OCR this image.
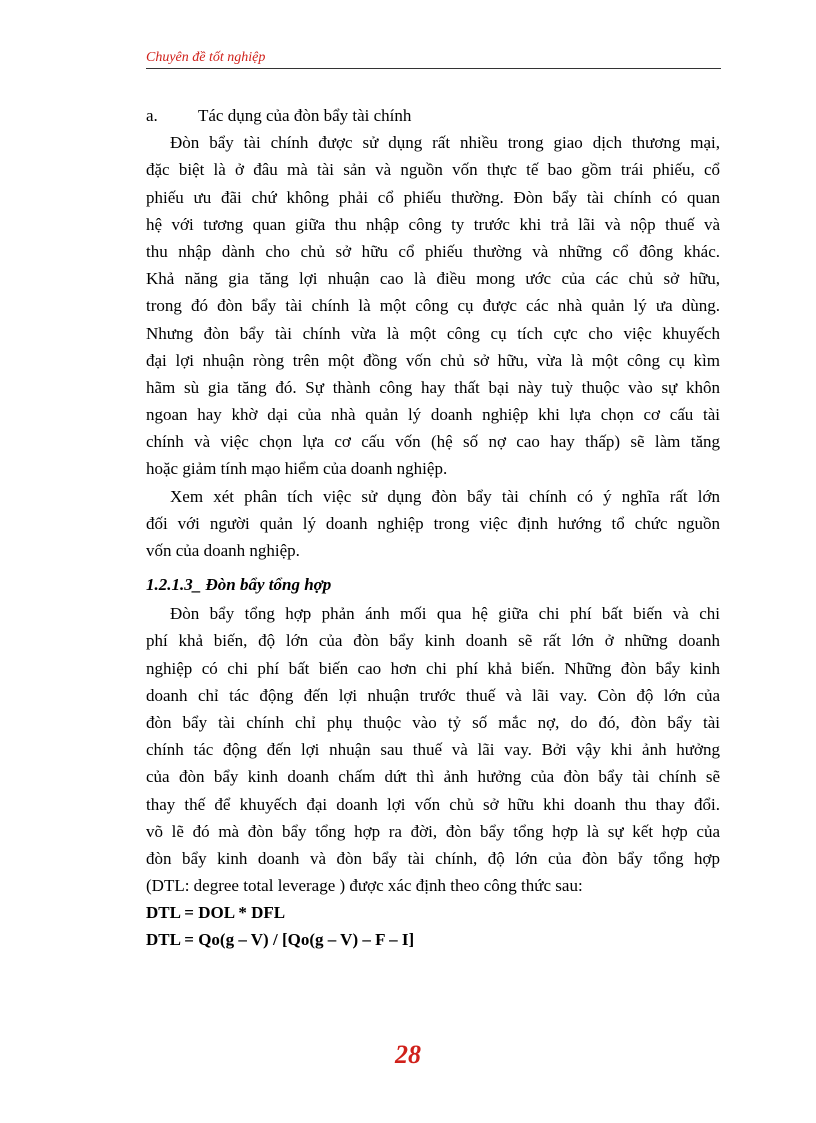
Chuyên đề tốt nghiệp
a. Tác dụng của đòn bẩy tài chính
Đòn bẩy tài chính được sử dụng rất nhiều trong giao dịch thương mại,
đặc biệt là ở đâu mà tài sản và nguồn vốn thực tế bao gồm trái phiếu, cổ
phiếu ưu đãi chứ không phải cổ phiếu thường. Đòn bẩy tài chính có quan
hệ với tương quan giữa thu nhập công ty trước khi trả lãi và nộp thuế và
thu nhập dành cho chủ sở hữu cổ phiếu thường và những cổ đông khác.
Khả năng gia tăng lợi nhuận cao là điều mong ước của các chủ sở hữu,
trong đó đòn bẩy tài chính là một công cụ được các nhà quản lý ưa dùng.
Nhưng đòn bẩy tài chính vừa là một công cụ tích cực cho việc khuyếch
đại lợi nhuận ròng trên một đồng vốn chủ sở hữu, vừa là một công cụ kìm
hãm sù gia tăng đó. Sự thành công hay thất bại này tuỳ thuộc vào sự khôn
ngoan hay khờ dại của nhà quản lý doanh nghiệp khi lựa chọn cơ cấu tài
chính và việc chọn lựa cơ cấu vốn (hệ số nợ cao hay thấp) sẽ làm tăng
hoặc giảm tính mạo hiểm của doanh nghiệp.
Xem xét phân tích việc sử dụng đòn bẩy tài chính có ý nghĩa rất lớn
đối với người quản lý doanh nghiệp trong việc định hướng tổ chức nguồn
vốn của doanh nghiệp.
1.2.1.3_ Đòn bẩy tổng hợp
Đòn bẩy tổng hợp phản ánh mối qua hệ giữa chi phí bất biến và chi
phí khả biến, độ lớn của đòn bẩy kinh doanh sẽ rất lớn ở những doanh
nghiệp có chi phí bất biến cao hơn chi phí khả biến. Những đòn bẩy kinh
doanh chỉ tác động đến lợi nhuận trước thuế và lãi vay. Còn độ lớn của
đòn bẩy tài chính chỉ phụ thuộc vào tỷ số mắc nợ, do đó, đòn bẩy tài
chính tác động đến lợi nhuận sau thuế và lãi vay. Bởi vậy khi ảnh hưởng
của đòn bẩy kinh doanh chấm dứt thì ảnh hưởng của đòn bẩy tài chính sẽ
thay thế để khuyếch đại doanh lợi vốn chủ sở hữu khi doanh thu thay đổi.
võ lẽ đó mà đòn bẩy tổng hợp ra đời, đòn bẩy tổng hợp là sự kết hợp của
đòn bẩy kinh doanh và đòn bẩy tài chính, độ lớn của đòn bẩy tổng hợp
(DTL: degree total leverage ) được xác định theo công thức sau:
DTL = DOL * DFL
DTL = Qo(g – V) / [Qo(g – V) – F – I]
28
